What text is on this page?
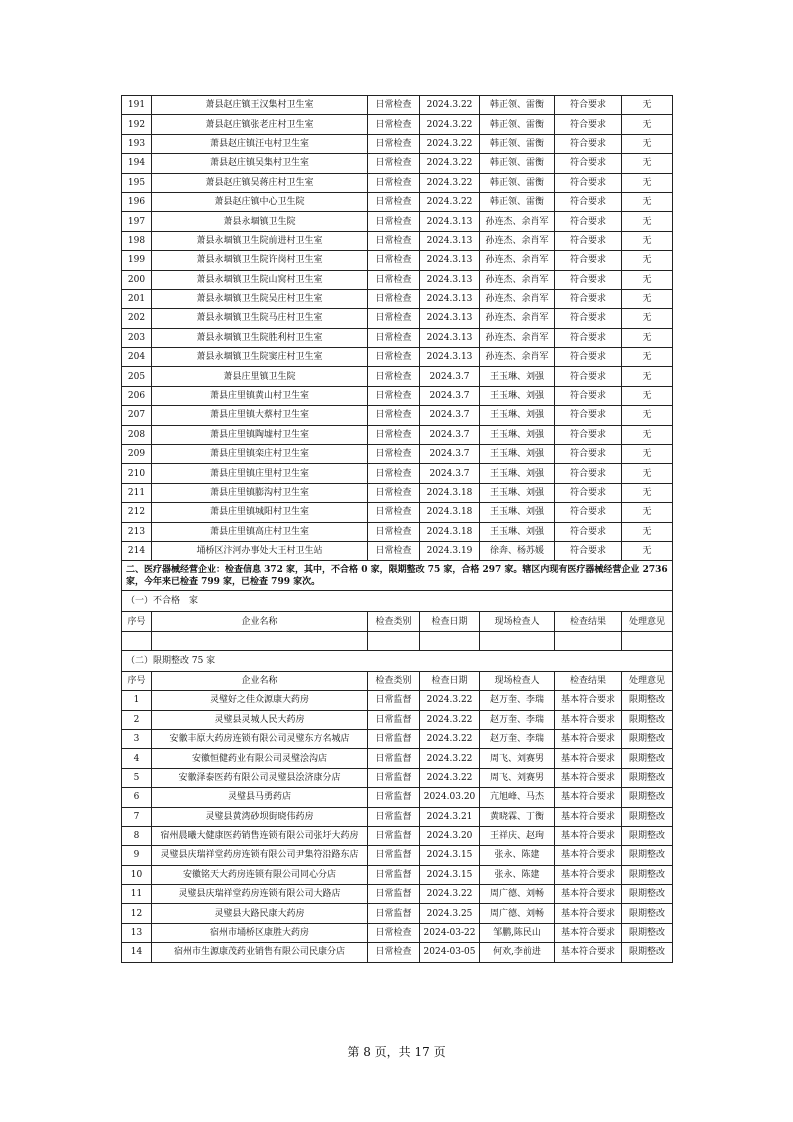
191	萧县赵庄镇王汉集村卫生室	日常检查	2024.3.22	韩正领、雷衡	符合要求	无
192	萧县赵庄镇张老庄村卫生室	日常检查	2024.3.22	韩正领、雷衡	符合要求	无
193	萧县赵庄镇汪屯村卫生室	日常检查	2024.3.22	韩正领、雷衡	符合要求	无
194	萧县赵庄镇吴集村卫生室	日常检查	2024.3.22	韩正领、雷衡	符合要求	无
195	萧县赵庄镇吴蒋庄村卫生室	日常检查	2024.3.22	韩正领、雷衡	符合要求	无
196	萧县赵庄镇中心卫生院	日常检查	2024.3.22	韩正领、雷衡	符合要求	无
197	萧县永堌镇卫生院	日常检查	2024.3.13	孙连杰、余肖军	符合要求	无
198	萧县永堌镇卫生院前进村卫生室	日常检查	2024.3.13	孙连杰、余肖军	符合要求	无
199	萧县永堌镇卫生院许岗村卫生室	日常检查	2024.3.13	孙连杰、余肖军	符合要求	无
200	萧县永堌镇卫生院山窝村卫生室	日常检查	2024.3.13	孙连杰、余肖军	符合要求	无
201	萧县永堌镇卫生院吴庄村卫生室	日常检查	2024.3.13	孙连杰、余肖军	符合要求	无
202	萧县永堌镇卫生院马庄村卫生室	日常检查	2024.3.13	孙连杰、余肖军	符合要求	无
203	萧县永堌镇卫生院胜利村卫生室	日常检查	2024.3.13	孙连杰、余肖军	符合要求	无
204	萧县永堌镇卫生院窦庄村卫生室	日常检查	2024.3.13	孙连杰、余肖军	符合要求	无
205	萧县庄里镇卫生院	日常检查	2024.3.7	王玉琳、刘强	符合要求	无
206	萧县庄里镇黄山村卫生室	日常检查	2024.3.7	王玉琳、刘强	符合要求	无
207	萧县庄里镇大蔡村卫生室	日常检查	2024.3.7	王玉琳、刘强	符合要求	无
208	萧县庄里镇陶墟村卫生室	日常检查	2024.3.7	王玉琳、刘强	符合要求	无
209	萧县庄里镇栾庄村卫生室	日常检查	2024.3.7	王玉琳、刘强	符合要求	无
210	萧县庄里镇庄里村卫生室	日常检查	2024.3.7	王玉琳、刘强	符合要求	无
211	萧县庄里镇膨沟村卫生室	日常检查	2024.3.18	王玉琳、刘强	符合要求	无
212	萧县庄里镇城阳村卫生室	日常检查	2024.3.18	王玉琳、刘强	符合要求	无
213	萧县庄里镇高庄村卫生室	日常检查	2024.3.18	王玉琳、刘强	符合要求	无
214	埇桥区汴河办事处大王村卫生站	日常检查	2024.3.19	徐奔、杨苏媛	符合要求	无
二、医疗器械经营企业：检查信息 372 家，其中，不合格 0 家，限期整改 75 家，合格 297 家。辖区内现有医疗器械经营企业 2736 家，今年来已检查 799 家，已检查 799 家次。						
（一）不合格　家						
序号	企业名称	检查类别	检查日期	现场检查人	检查结果	处理意见

（二）限期整改 75 家						
序号	企业名称	检查类别	检查日期	现场检查人	检查结果	处理意见
1	灵璧好之佳众源康大药房	日常监督	2024.3.22	赵万奎、李瑞	基本符合要求	限期整改
2	灵璧县灵城人民大药房	日常监督	2024.3.22	赵万奎、李瑞	基本符合要求	限期整改
3	安徽丰原大药房连锁有限公司灵璧东方名城店	日常监督	2024.3.22	赵万奎、李瑞	基本符合要求	限期整改
4	安徽恒健药业有限公司灵璧浍沟店	日常监督	2024.3.22	周飞、刘赛男	基本符合要求	限期整改
5	安徽泽泰医药有限公司灵璧县浍济康分店	日常监督	2024.3.22	周飞、刘赛男	基本符合要求	限期整改
6	灵璧县马勇药店	日常监督	2024.03.20	亢旭峰、马杰	基本符合要求	限期整改
7	灵璧县黄湾砂坝街晓伟药房	日常监督	2024.3.21	黄晓霖、丁衡	基本符合要求	限期整改
8	宿州晨曦大健康医药销售连锁有限公司张圩大药房	日常监督	2024.3.20	王祥庆、赵珣	基本符合要求	限期整改
9	灵璧县庆瑞祥堂药房连锁有限公司尹集符沿路东店	日常监督	2024.3.15	张永、陈建	基本符合要求	限期整改
10	安徽铭天大药房连锁有限公司同心分店	日常监督	2024.3.15	张永、陈建	基本符合要求	限期整改
11	灵璧县庆瑞祥堂药房连锁有限公司大路店	日常监督	2024.3.22	周广德、刘畅	基本符合要求	限期整改
12	灵璧县大路民康大药房	日常监督	2024.3.25	周广德、刘畅	基本符合要求	限期整改
13	宿州市埇桥区康胜大药房	日常检查	2024-03-22	邹鹏,陈民山	基本符合要求	限期整改
14	宿州市生源康茂药业销售有限公司民康分店	日常检查	2024-03-05	何欢,李前进	基本符合要求	限期整改
第 8 页，共 17 页
